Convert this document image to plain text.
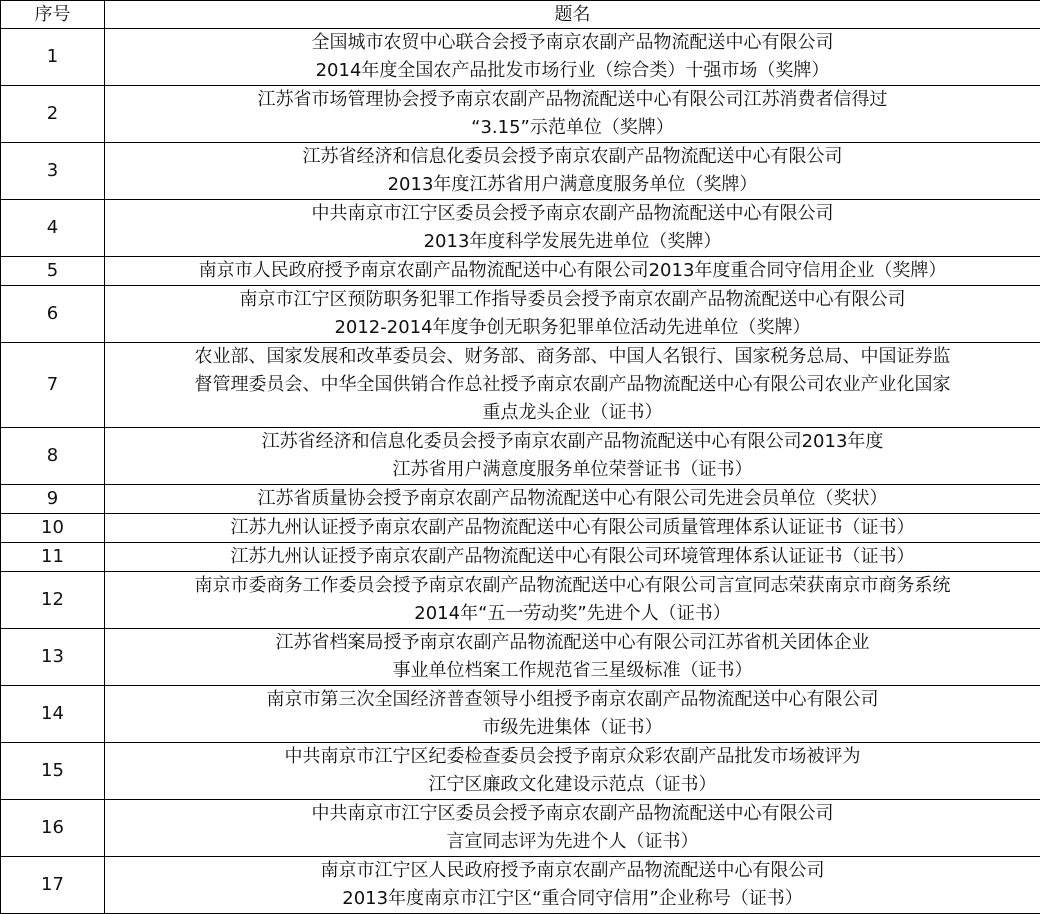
序号	题名
1	全国城市农贸中心联合会授予南京农副产品物流配送中心有限公司
2014年度全国农产品批发市场行业（综合类）十强市场（奖牌）

2	江苏省市场管理协会授予南京农副产品物流配送中心有限公司江苏消费者信得过
“3.15”示范单位（奖牌）

3	江苏省经济和信息化委员会授予南京农副产品物流配送中心有限公司
2013年度江苏省用户满意度服务单位（奖牌）

4	中共南京市江宁区委员会授予南京农副产品物流配送中心有限公司
2013年度科学发展先进单位（奖牌）

5	南京市人民政府授予南京农副产品物流配送中心有限公司2013年度重合同守信用企业（奖牌）

6	南京市江宁区预防职务犯罪工作指导委员会授予南京农副产品物流配送中心有限公司
2012-2014年度争创无职务犯罪单位活动先进单位（奖牌）

7	农业部、国家发展和改革委员会、财务部、商务部、中国人名银行、国家税务总局、中国证券监
督管理委员会、中华全国供销合作总社授予南京农副产品物流配送中心有限公司农业产业化国家
重点龙头企业（证书）

8	江苏省经济和信息化委员会授予南京农副产品物流配送中心有限公司2013年度
江苏省用户满意度服务单位荣誉证书（证书）

9	江苏省质量协会授予南京农副产品物流配送中心有限公司先进会员单位（奖状）

10	江苏九州认证授予南京农副产品物流配送中心有限公司质量管理体系认证证书（证书）

11	江苏九州认证授予南京农副产品物流配送中心有限公司环境管理体系认证证书（证书）

12	南京市委商务工作委员会授予南京农副产品物流配送中心有限公司言宣同志荣获南京市商务系统
2014年“五一劳动奖”先进个人（证书）

13	江苏省档案局授予南京农副产品物流配送中心有限公司江苏省机关团体企业
事业单位档案工作规范省三星级标准（证书）

14	南京市第三次全国经济普查领导小组授予南京农副产品物流配送中心有限公司
市级先进集体（证书）

15	中共南京市江宁区纪委检查委员会授予南京众彩农副产品批发市场被评为
江宁区廉政文化建设示范点（证书）

16	中共南京市江宁区委员会授予南京农副产品物流配送中心有限公司
言宣同志评为先进个人（证书）

17	南京市江宁区人民政府授予南京农副产品物流配送中心有限公司
2013年度南京市江宁区“重合同守信用”企业称号（证书）
